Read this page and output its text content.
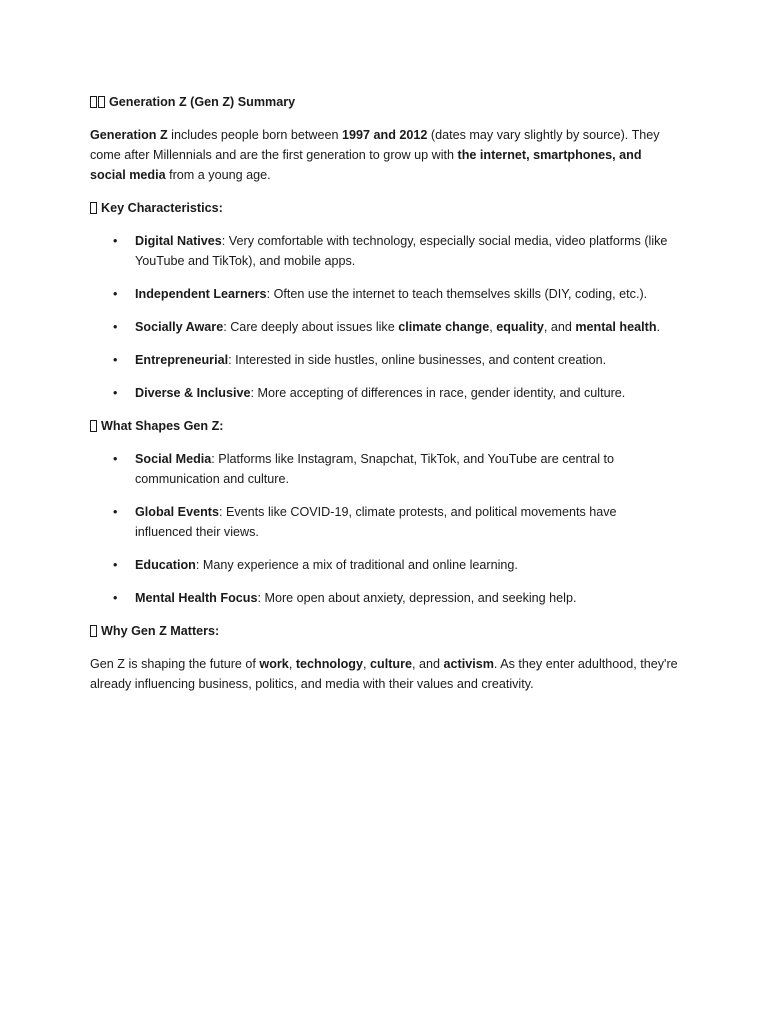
Generation Z (Gen Z) Summary

Generation Z includes people born between 1997 and 2012 (dates may vary slightly by source). They come after Millennials and are the first generation to grow up with the internet, smartphones, and social media from a young age.

Key Characteristics:
• Digital Natives: Very comfortable with technology, especially social media, video platforms (like YouTube and TikTok), and mobile apps.
• Independent Learners: Often use the internet to teach themselves skills (DIY, coding, etc.).
• Socially Aware: Care deeply about issues like climate change, equality, and mental health.
• Entrepreneurial: Interested in side hustles, online businesses, and content creation.
• Diverse & Inclusive: More accepting of differences in race, gender identity, and culture.
What Shapes Gen Z:
• Social Media: Platforms like Instagram, Snapchat, TikTok, and YouTube are central to communication and culture.
• Global Events: Events like COVID-19, climate protests, and political movements have influenced their views.
• Education: Many experience a mix of traditional and online learning.
• Mental Health Focus: More open about anxiety, depression, and seeking help.
Why Gen Z Matters:

Gen Z is shaping the future of work, technology, culture, and activism. As they enter adulthood, they're already influencing business, politics, and media with their values and creativity.
